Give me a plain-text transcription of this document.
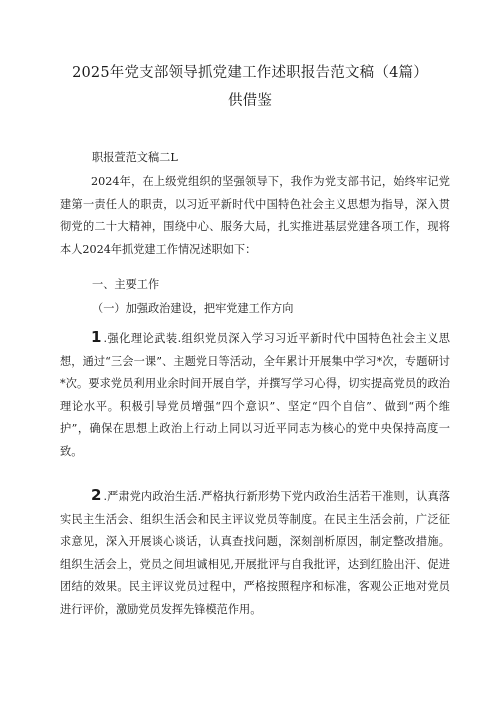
2025年党支部领导抓党建工作述职报告范文稿（4篇）
供借鉴

职报萱范文稿二L

2024年，在上级党组织的坚强领导下，我作为党支部书记，始终牢记党建第一责任人的职责，以习近平新时代中国特色社会主义思想为指导，深入贯彻党的二十大精神，围绕中心、服务大局，扎实推进基层党建各项工作，现将本人2024年抓党建工作情况述职如下：

一、主要工作

（一）加强政治建设，把牢党建工作方向

1 .强化理论武装.组织党员深入学习习近平新时代中国特色社会主义思想，通过“三会一课”、主题党日等活动，全年累计开展集中学习*次，专题研讨*次。要求党员利用业余时间开展自学，并撰写学习心得，切实提高党员的政治理论水平。积极引导党员增强“四个意识”、坚定“四个自信”、做到“两个维护”，确保在思想上政治上行动上同以习近平同志为核心的党中央保持高度一致。

2 .严肃党内政治生活.严格执行新形势下党内政治生活若干准则，认真落实民主生活会、组织生活会和民主评议党员等制度。在民主生活会前，广泛征求意见，深入开展谈心谈话，认真查找问题，深刻剖析原因，制定整改措施。组织生活会上，党员之间坦诚相见,开展批评与自我批评，达到红脸出汗、促进团结的效果。民主评议党员过程中，严格按照程序和标准，客观公正地对党员进行评价，激励党员发挥先锋模范作用。
